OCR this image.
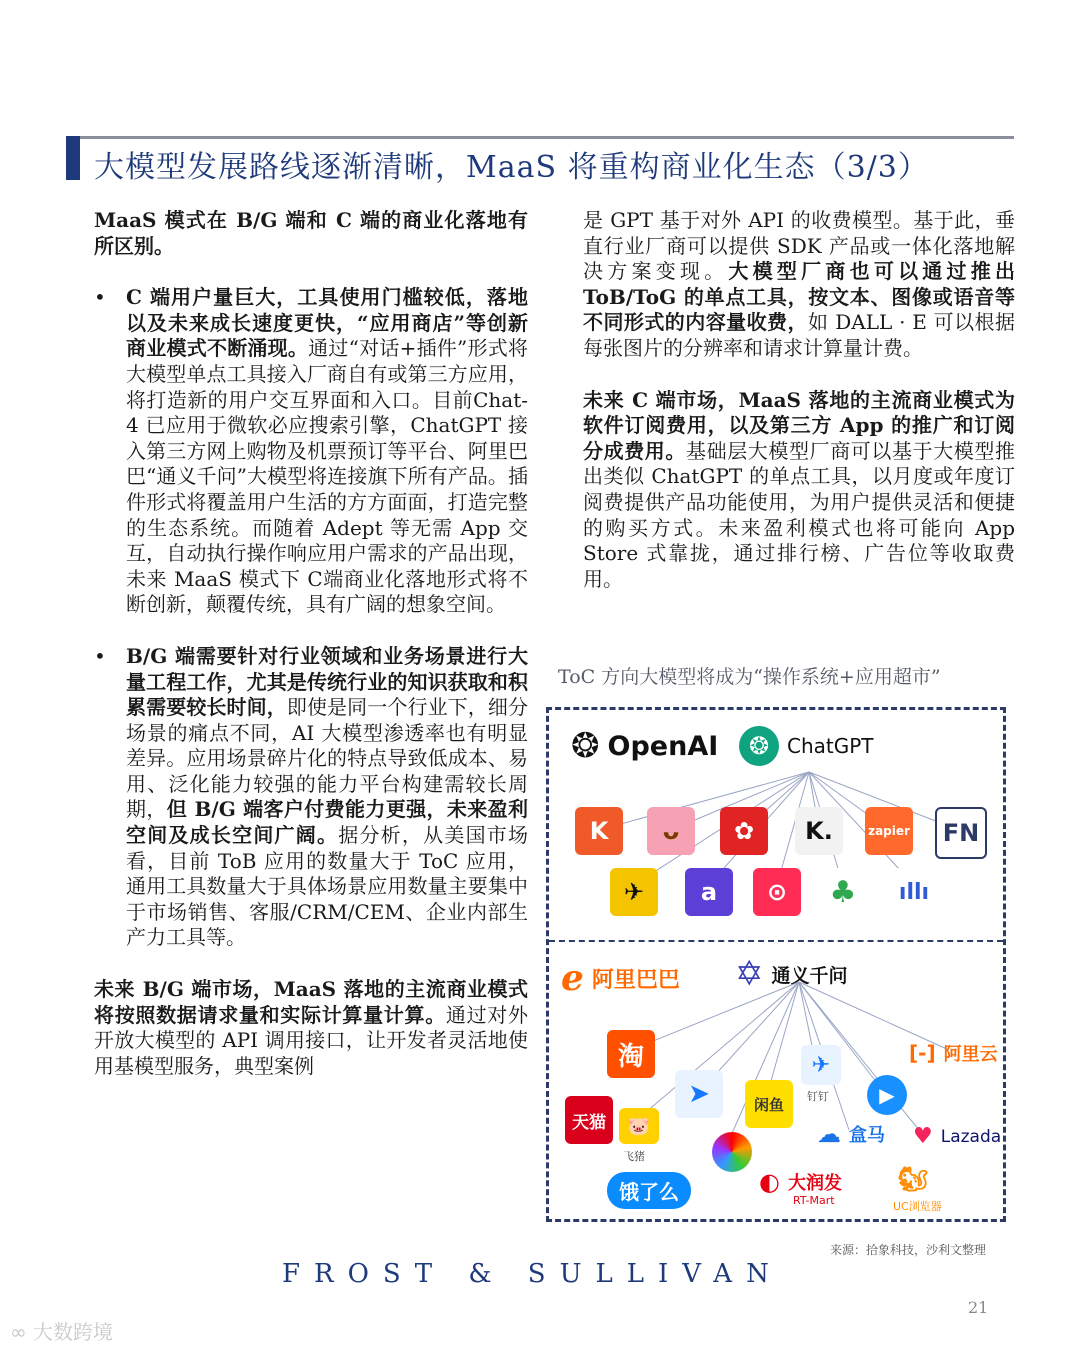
大模型发展路线逐渐清晰，MaaS 将重构商业化生态（3/3）

MaaS 模式在 B/G 端和 C 端的商业化落地有所区别。

• C 端用户量巨大，工具使用门槛较低，落地以及未来成长速度更快，“应用商店”等创新商业模式不断涌现。通过“对话+插件”形式将大模型单点工具接入厂商自有或第三方应用，将打造新的用户交互界面和入口。目前Chat-4 已应用于微软必应搜索引擎，ChatGPT 接入第三方网上购物及机票预订等平台、阿里巴巴“通义千问”大模型将连接旗下所有产品。插件形式将覆盖用户生活的方方面面，打造完整的生态系统。而随着 Adept 等无需 App 交互，自动执行操作响应用户需求的产品出现，未来 MaaS 模式下 C端商业化落地形式将不断创新，颠覆传统，具有广阔的想象空间。

• B/G 端需要针对行业领域和业务场景进行大量工程工作，尤其是传统行业的知识获取和积累需要较长时间，即使是同一个行业下，细分场景的痛点不同，AI 大模型渗透率也有明显差异。应用场景碎片化的特点导致低成本、易用、泛化能力较强的能力平台构建需较长周期，但 B/G 端客户付费能力更强，未来盈利空间及成长空间广阔。据分析，从美国市场看，目前 ToB 应用的数量大于 ToC 应用，通用工具数量大于具体场景应用数量主要集中于市场销售、客服/CRM/CEM、企业内部生产力工具等。

未来 B/G 端市场，MaaS 落地的主流商业模式将按照数据请求量和实际计算量计算。通过对外开放大模型的 API 调用接口，让开发者灵活地使用基模型服务，典型案例

是 GPT 基于对外 API 的收费模型。基于此，垂直行业厂商可以提供 SDK 产品或一体化落地解决方案变现。大模型厂商也可以通过推出 ToB/ToG 的单点工具，按文本、图像或语音等不同形式的内容量收费，如 DALL · E 可以根据每张图片的分辨率和请求计算量计费。

未来 C 端市场，MaaS 落地的主流商业模式为软件订阅费用，以及第三方 App 的推广和订阅分成费用。基础层大模型厂商可以基于大模型推出类似 ChatGPT 的单点工具，以月度或年度订阅费提供产品功能使用，为用户提供灵活和便捷的购买方式。未来盈利模式也将可能向 App Store 式靠拢，通过排行榜、广告位等收取费用。

ToC 方向大模型将成为“操作系统+应用超市”
❂ OpenAI	❂ ChatGPT
K	ᴗ	✿	K.	zapier	FN
✈	a	⊙	♣	ıllı
ℯ 阿里巴巴 ✡ 通义千问
淘	[-] 阿里云
天猫	🐷
飞猪
➤	闲鱼
✈
钉钉	▶
☁ 盒马 ♥ Lazada
饿了么	◐ 大润发
RT-Mart
🐿
UC浏览器
来源：拾象科技，沙利文整理
FROST & SULLIVAN
21
∞ 大数跨境
